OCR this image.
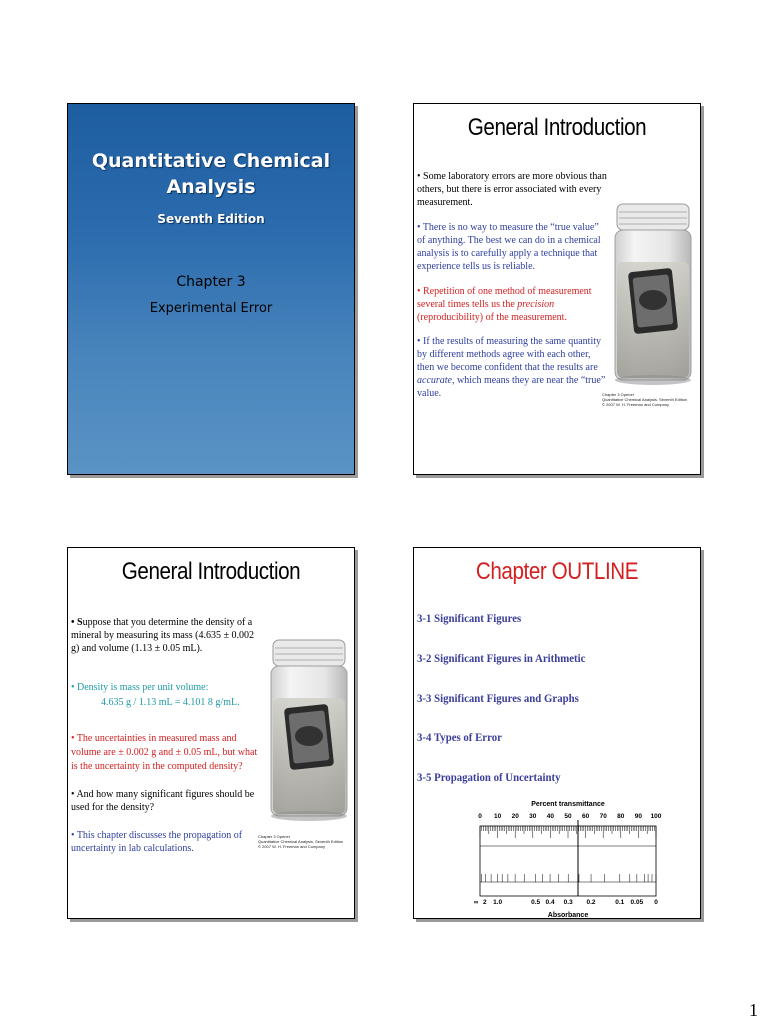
Quantitative Chemical
Analysis
Seventh Edition
Chapter 3
Experimental Error
General Introduction
• Some laboratory errors are more obvious than others, but there is error associated with every measurement.
• There is no way to measure the “true value” of anything. The best we can do in a chemical analysis is to carefully apply a technique that experience tells us is reliable.
• Repetition of one method of measurement several times tells us the precision (reproducibility) of the measurement.
• If the results of measuring the same quantity by different methods agree with each other, then we become confident that the results are accurate, which means they are near the “true” value.	Chapter 3 Opener
Quantitative Chemical Analysis, Seventh Edition
© 2007 W. H. Freeman and Company
General Introduction
• Suppose that you determine the density of a mineral by measuring its mass (4.635 ± 0.002 g) and volume (1.13 ± 0.05 mL).
• Density is mass per unit volume:
4.635 g / 1.13 mL = 4.101 8 g/mL.
• The uncertainties in measured mass and volume are ± 0.002 g and ± 0.05 mL, but what is the uncertainty in the computed density?
• And how many significant figures should be used for the density?
• This chapter discusses the propagation of uncertainty in lab calculations.
Chapter 3 Opener
Quantitative Chemical Analysis, Seventh Edition
© 2007 W. H. Freeman and Company
Chapter OUTLINE
3-1 Significant Figures
3-2 Significant Figures in Arithmetic
3-3 Significant Figures and Graphs
3-4 Types of Error
3-5 Propagation of Uncertainty
Percent transmittance
0 10 20 30 40 50 60 70 80 90 100
∞ 2 1.0	0.5 0.4 0.3 0.2	0.1 0.05 0
Absorbance
1
